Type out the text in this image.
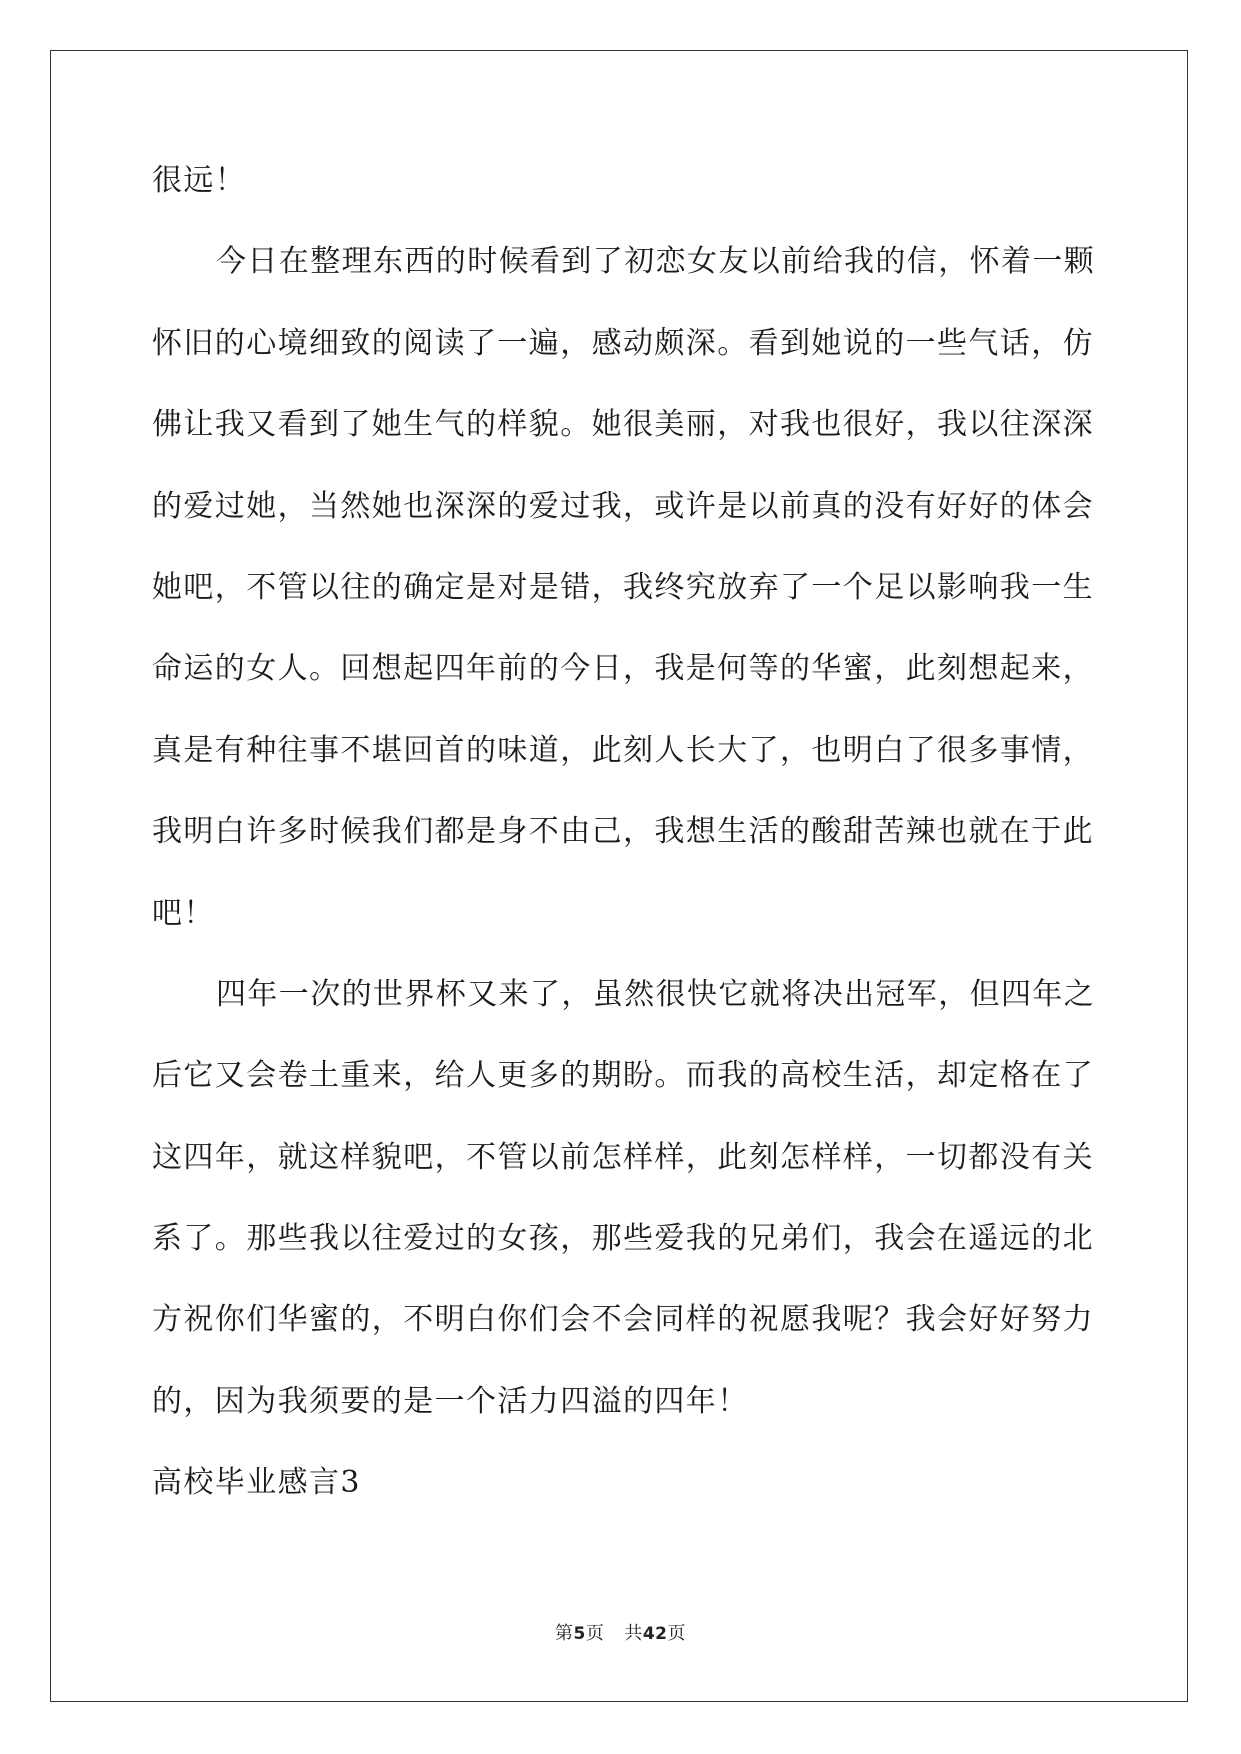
很远！
今日在整理东西的时候看到了初恋女友以前给我的信，怀着一颗
怀旧的心境细致的阅读了一遍，感动颇深。看到她说的一些气话，仿
佛让我又看到了她生气的样貌。她很美丽，对我也很好，我以往深深
的爱过她，当然她也深深的爱过我，或许是以前真的没有好好的体会
她吧，不管以往的确定是对是错，我终究放弃了一个足以影响我一生
命运的女人。回想起四年前的今日，我是何等的华蜜，此刻想起来，
真是有种往事不堪回首的味道，此刻人长大了，也明白了很多事情，
我明白许多时候我们都是身不由己，我想生活的酸甜苦辣也就在于此
吧！
四年一次的世界杯又来了，虽然很快它就将决出冠军，但四年之
后它又会卷土重来，给人更多的期盼。而我的高校生活，却定格在了
这四年，就这样貌吧，不管以前怎样样，此刻怎样样，一切都没有关
系了。那些我以往爱过的女孩，那些爱我的兄弟们，我会在遥远的北
方祝你们华蜜的，不明白你们会不会同样的祝愿我呢？我会好好努力
的，因为我须要的是一个活力四溢的四年！
高校毕业感言3
第5页 共42页
